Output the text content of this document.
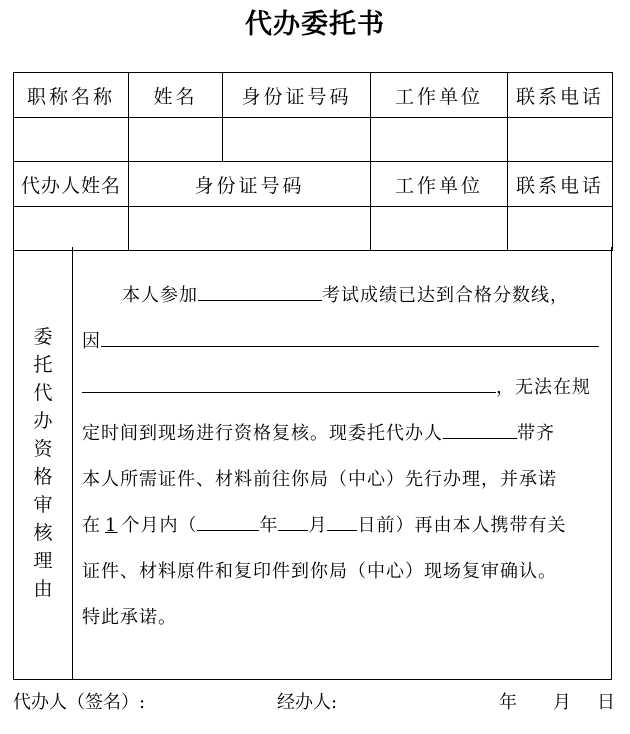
代办委托书
职称名称	姓名	身份证号码	工作单位	联系电话

代办人姓名	身份证号码		工作单位	联系电话

委
托
代
办
资
格
审
核
理
由
本人参加	考试成绩已达到合格分数线，
因
，无法在规
定时间到现场进行资格复核。现委托代办人	带齐
本人所需证件、材料前往你局（中心）先行办理，并承诺
在 1 个月内（	年 月 日前）再由本人携带有关
证件、材料原件和复印件到你局（中心）现场复审确认。
特此承诺。
代办人（签名）:	经办人:	年 月 日
